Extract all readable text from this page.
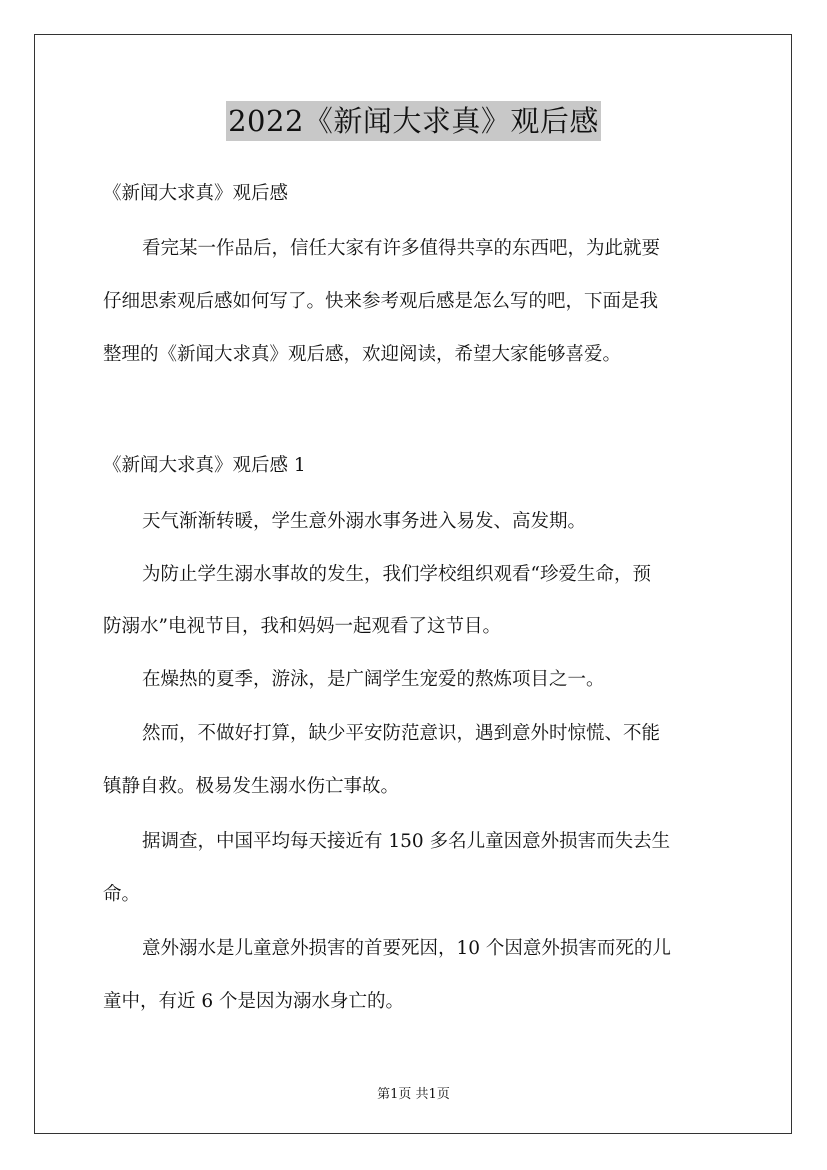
2022《新闻大求真》观后感
《新闻大求真》观后感
看完某一作品后，信任大家有许多值得共享的东西吧，为此就要
仔细思索观后感如何写了。快来参考观后感是怎么写的吧，下面是我
整理的《新闻大求真》观后感，欢迎阅读，希望大家能够喜爱。
《新闻大求真》观后感 1
天气渐渐转暖，学生意外溺水事务进入易发、高发期。
为防止学生溺水事故的发生，我们学校组织观看“珍爱生命，预
防溺水”电视节目，我和妈妈一起观看了这节目。
在燥热的夏季，游泳，是广阔学生宠爱的熬炼项目之一。
然而，不做好打算，缺少平安防范意识，遇到意外时惊慌、不能
镇静自救。极易发生溺水伤亡事故。
据调查，中国平均每天接近有 150 多名儿童因意外损害而失去生
命。
意外溺水是儿童意外损害的首要死因，10 个因意外损害而死的儿
童中，有近 6 个是因为溺水身亡的。
第1页 共1页
